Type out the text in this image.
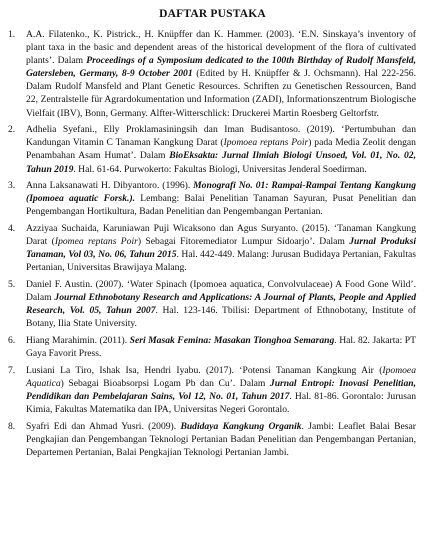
DAFTAR PUSTAKA
1. A.A. Filatenko., K. Pistrick., H. Knüpffer dan K. Hammer. (2003). ‘E.N. Sinskaya’s inventory of plant taxa in the basic and dependent areas of the historical development of the flora of cultivated plants’. Dalam Proceedings of a Symposium dedicated to the 100th Birthday of Rudolf Mansfeld, Gatersleben, Germany, 8-9 October 2001 (Edited by H. Knüpffer & J. Ochsmann). Hal 222-256. Dalam Rudolf Mansfeld and Plant Genetic Resources. Schriften zu Genetischen Ressourcen, Band 22, Zentralstelle für Agrardokumentation und Information (ZADI), Informationszentrum Biologische Vielfait (IBV), Bonn, Germany. Alfter-Witterschlick: Druckerei Martin Roesberg Geltorfstr.
2. Adhelia Syefani., Elly Proklamasiningsih dan Iman Budisantoso. (2019). ‘Pertumbuhan dan Kandungan Vitamin C Tanaman Kangkung Darat (Ipomoea reptans Poir) pada Media Zeolit dengan Penambahan Asam Humat’. Dalam BioEksakta: Jurnal Ilmiah Biologi Unsoed, Vol. 01, No. 02, Tahun 2019. Hal. 61-64. Purwokerto: Fakultas Biologi, Universitas Jenderal Soedirman.
3. Anna Laksanawati H. Dibyantoro. (1996). Monografi No. 01: Rampai-Rampai Tentang Kangkung (Ipomoea aquatic Forsk.). Lembang: Balai Penelitian Tanaman Sayuran, Pusat Penelitian dan Pengembangan Hortikultura, Badan Penelitian dan Pengembangan Pertanian.
4. Azziyaa Suchaida, Karuniawan Puji Wicaksono dan Agus Suryanto. (2015). ‘Tanaman Kangkung Darat (Ipomea reptans Poir) Sebagai Fitoremediator Lumpur Sidoarjo’. Dalam Jurnal Produksi Tanaman, Vol 03, No. 06, Tahun 2015. Hal. 442-449. Malang: Jurusan Budidaya Pertanian, Fakultas Pertanian, Universitas Brawijaya Malang.
5. Daniel F. Austin. (2007). ‘Water Spinach (Ipomoea aquatica, Convolvulaceae) A Food Gone Wild’. Dalam Journal Ethnobotany Research and Applications: A Journal of Plants, People and Applied Research, Vol. 05, Tahun 2007. Hal. 123-146. Tbilisi: Department of Ethnobotany, Institute of Botany, Ilia State University.
6. Hiang Marahimin. (2011). Seri Masak Femina: Masakan Tionghoa Semarang. Hal. 82. Jakarta: PT Gaya Favorit Press.
7. Lusiani La Tiro, Ishak Isa, Hendri Iyabu. (2017). ‘Potensi Tanaman Kangkung Air (Ipomoea Aquatica) Sebagai Bioabsorpsi Logam Pb dan Cu’. Dalam Jurnal Entropi: Inovasi Penelitian, Pendidikan dan Pembelajaran Sains, Vol 12, No. 01, Tahun 2017. Hal. 81-86. Gorontalo: Jurusan Kimia, Fakultas Matematika dan IPA, Universitas Negeri Gorontalo.
8. Syafri Edi dan Ahmad Yusri. (2009). Budidaya Kangkung Organik. Jambi: Leaflet Balai Besar Pengkajian dan Pengembangan Teknologi Pertanian Badan Penelitian dan Pengembangan Pertanian, Departemen Pertanian, Balai Pengkajian Teknologi Pertanian Jambi.
